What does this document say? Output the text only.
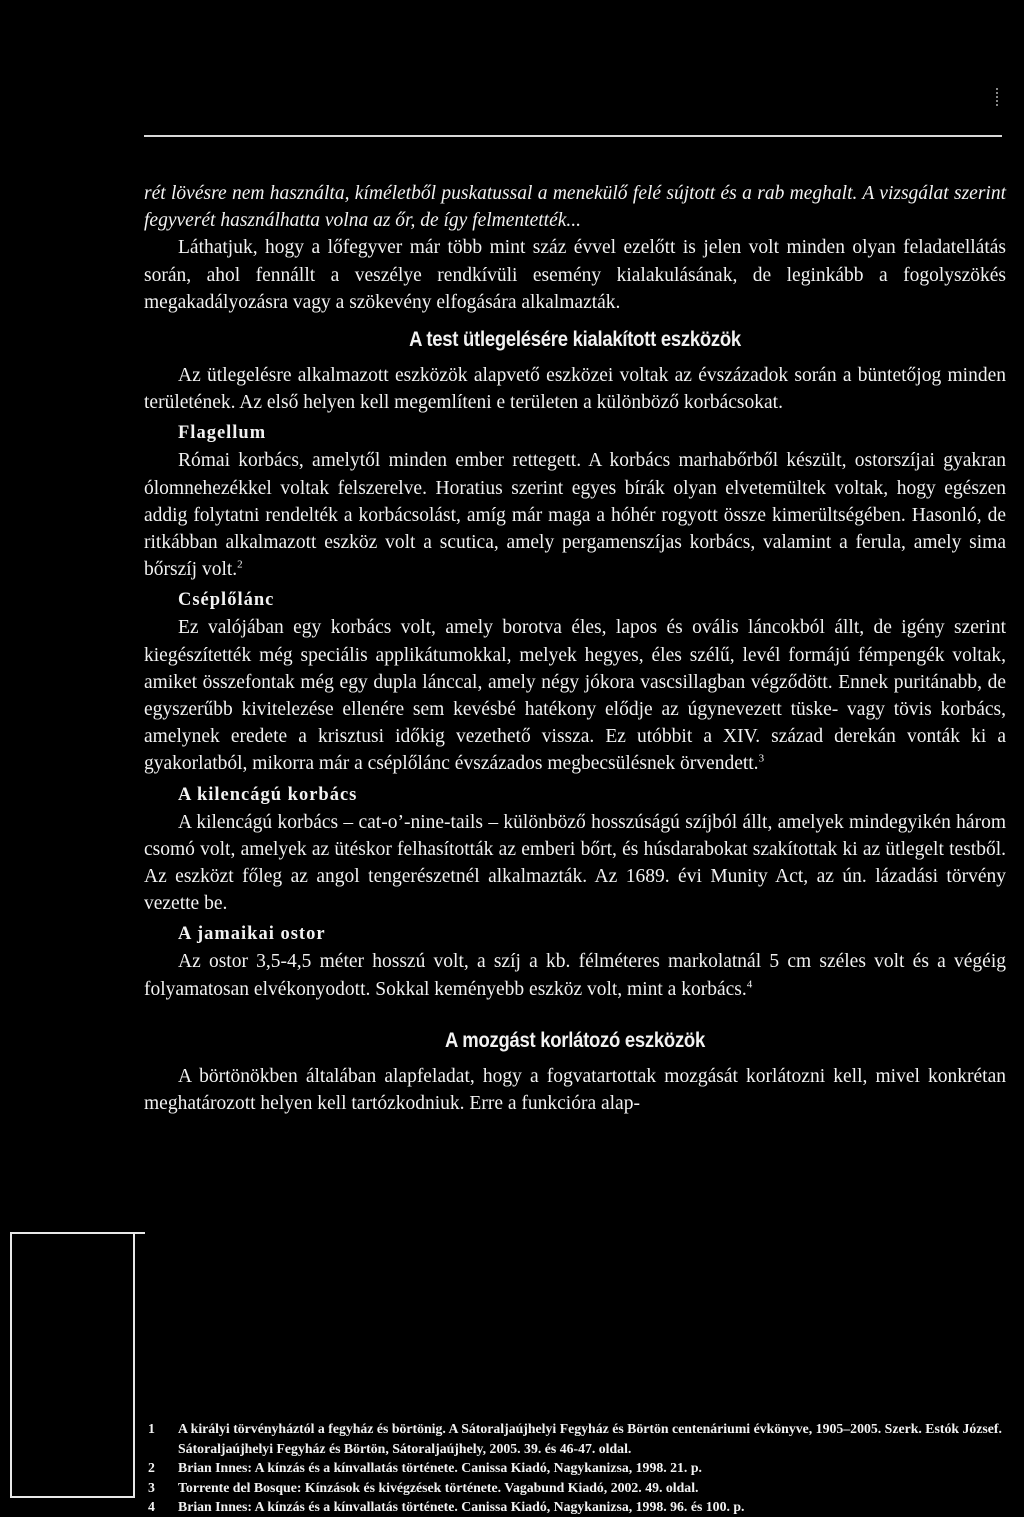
rét lövésre nem használta, kíméletből puskatussal a menekülő felé sújtott és a rab meghalt. A vizsgálat szerint fegyverét használhatta volna az őr, de így felmentették...

Láthatjuk, hogy a lőfegyver már több mint száz évvel ezelőtt is jelen volt minden olyan feladatellátás során, ahol fennállt a veszélye rendkívüli esemény kialakulásának, de leginkább a fogolyszökés megakadályozásra vagy a szökevény elfogására alkalmazták.

A test ütlegelésére kialakított eszközök

Az ütlegelésre alkalmazott eszközök alapvető eszközei voltak az évszázadok során a büntetőjog minden területének. Az első helyen kell megemlíteni e területen a különböző korbácsokat.

Flagellum

Római korbács, amelytől minden ember rettegett. A korbács marhabőrből készült, ostorszíjai gyakran ólomnehezékkel voltak felszerelve. Horatius szerint egyes bírák olyan elvetemültek voltak, hogy egészen addig folytatni rendelték a korbácsolást, amíg már maga a hóhér rogyott össze kimerültségében. Hasonló, de ritkábban alkalmazott eszköz volt a scutica, amely pergamenszíjas korbács, valamint a ferula, amely sima bőrszíj volt.$^2$

Cséplőlánc

Ez valójában egy korbács volt, amely borotva éles, lapos és ovális láncokból állt, de igény szerint kiegészítették még speciális applikátumokkal, melyek hegyes, éles szélű, levél formájú fémpengék voltak, amiket összefontak még egy dupla lánccal, amely négy jókora vascsillagban végződött. Ennek puritánabb, de egyszerűbb kivitelezése ellenére sem kevésbé hatékony elődje az úgynevezett tüske- vagy tövis korbács, amelynek eredete a krisztusi időkig vezethető vissza. Ez utóbbit a XIV. század derekán vonták ki a gyakorlatból, mikorra már a cséplőlánc évszázados megbecsülésnek örvendett.$^3$

A kilencágú korbács

A kilencágú korbács – cat-o’-nine-tails – különböző hosszúságú szíjból állt, amelyek mindegyikén három csomó volt, amelyek az ütéskor felhasították az emberi bőrt, és húsdarabokat szakítottak ki az ütlegelt testből. Az eszközt főleg az angol tengerészetnél alkalmazták. Az 1689. évi Munity Act, az ún. lázadási törvény vezette be.

A jamaikai ostor

Az ostor 3,5-4,5 méter hosszú volt, a szíj a kb. félméteres markolatnál 5 cm széles volt és a végéig folyamatosan elvékonyodott. Sokkal keményebb eszköz volt, mint a korbács.$^4$

A mozgást korlátozó eszközök

A börtönökben általában alapfeladat, hogy a fogvatartottak mozgását korlátozni kell, mivel konkrétan meghatározott helyen kell tartózkodniuk. Erre a funkcióra alap-

1	A királyi törvényháztól a fegyház és börtönig. A Sátoraljaújhelyi Fegyház és Börtön centenáriumi évkönyve, 1905–2005. Szerk. Estók József. Sátoraljaújhelyi Fegyház és Börtön, Sátoraljaújhely, 2005. 39. és 46-47. oldal.
2	Brian Innes: A kínzás és a kínvallatás története. Canissa Kiadó, Nagykanizsa, 1998. 21. p.
3	Torrente del Bosque: Kínzások és kivégzések története. Vagabund Kiadó, 2002. 49. oldal.
4	Brian Innes: A kínzás és a kínvallatás története. Canissa Kiadó, Nagykanizsa, 1998. 96. és 100. p.
